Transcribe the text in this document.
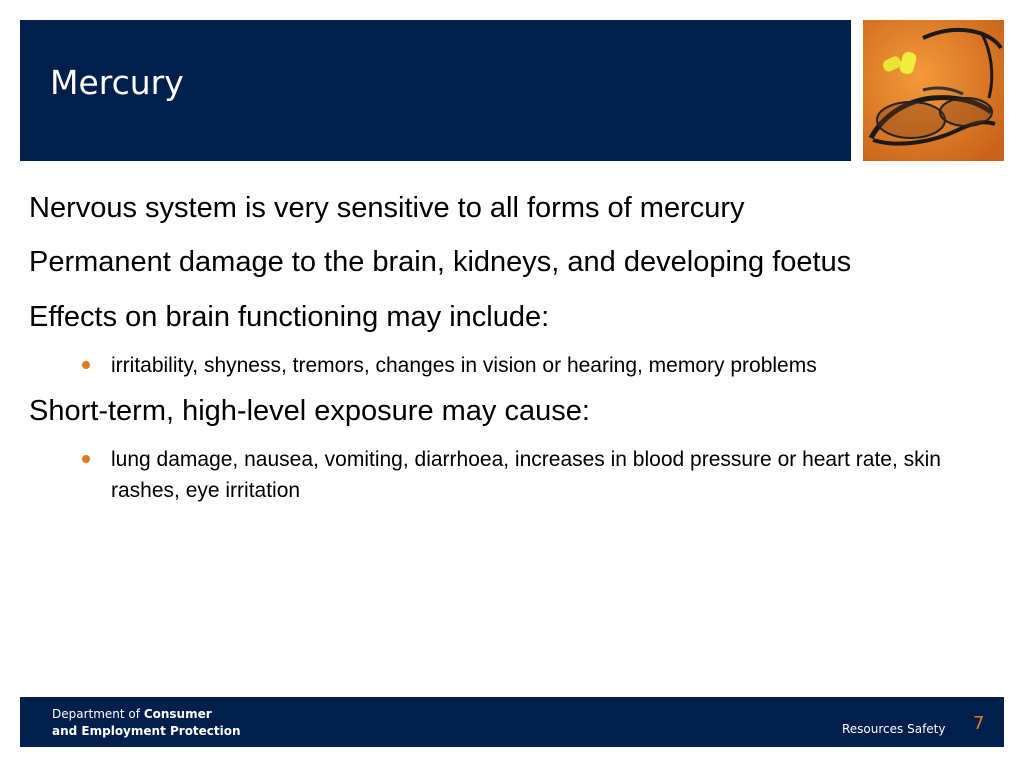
Mercury

Nervous system is very sensitive to all forms of mercury

Permanent damage to the brain, kidneys, and developing foetus

Effects on brain functioning may include:

irritability, shyness, tremors, changes in vision or hearing, memory problems

Short-term, high-level exposure may cause:

lung damage, nausea, vomiting, diarrhoea, increases in blood pressure or heart rate, skin rashes, eye irritation
Department of Consumer
and Employment Protection	Resources Safety 7
